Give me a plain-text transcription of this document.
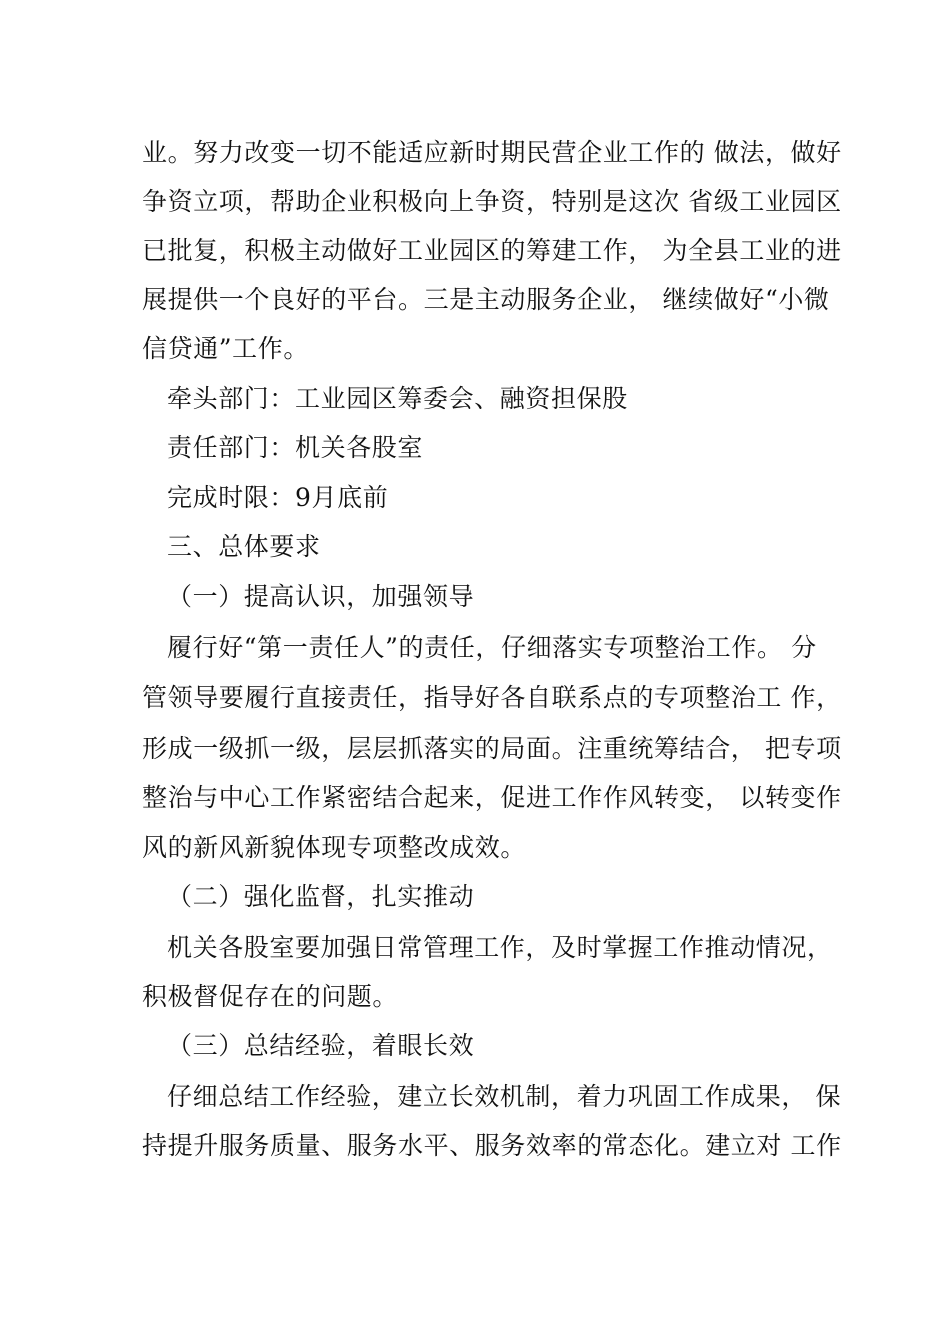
业。努力改变一切不能适应新时期民营企业工作的 做法，做好
争资立项，帮助企业积极向上争资，特别是这次 省级工业园区
已批复，积极主动做好工业园区的筹建工作， 为全县工业的进
展提供一个良好的平台。三是主动服务企业， 继续做好“小微
信贷通”工作。
牵头部门：工业园区筹委会、融资担保股
责任部门：机关各股室
完成时限：9月底前
三、总体要求
（一）提高认识，加强领导
履行好“第一责任人”的责任，仔细落实专项整治工作。 分
管领导要履行直接责任，指导好各自联系点的专项整治工 作，
形成一级抓一级，层层抓落实的局面。注重统筹结合， 把专项
整治与中心工作紧密结合起来，促进工作作风转变， 以转变作
风的新风新貌体现专项整改成效。
（二）强化监督，扎实推动
机关各股室要加强日常管理工作，及时掌握工作推动情况，
积极督促存在的问题。
（三）总结经验，着眼长效
仔细总结工作经验，建立长效机制，着力巩固工作成果， 保
持提升服务质量、服务水平、服务效率的常态化。建立对 工作
